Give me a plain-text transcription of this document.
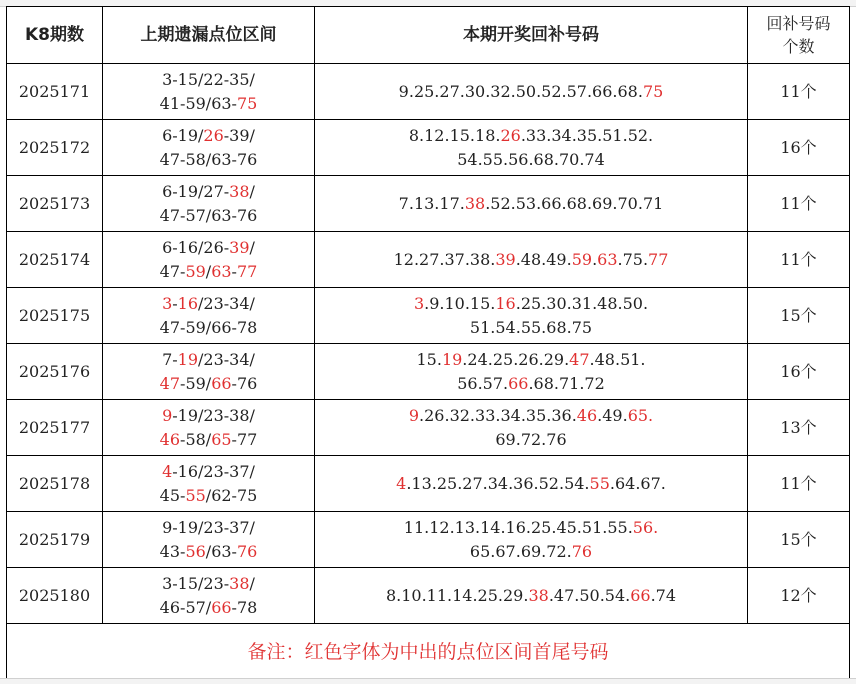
K8期数	上期遗漏点位区间	本期开奖回补号码	回补号码
个数

2025171	3-15/22-35/
41-59/63-75	9.25.27.30.32.50.52.57.66.68.75	11个
2025172	6-19/26-39/
47-58/63-76	8.12.15.18.26.33.34.35.51.52.
54.55.56.68.70.74	16个
2025173	6-19/27-38/
47-57/63-76	7.13.17.38.52.53.66.68.69.70.71	11个
2025174	6-16/26-39/
47-59/63-77	12.27.37.38.39.48.49.59.63.75.77	11个
2025175	3-16/23-34/
47-59/66-78	3.9.10.15.16.25.30.31.48.50.
51.54.55.68.75	15个
2025176	7-19/23-34/
47-59/66-76	15.19.24.25.26.29.47.48.51.
56.57.66.68.71.72	16个
2025177	9-19/23-38/
46-58/65-77	9.26.32.33.34.35.36.46.49.65.
69.72.76	13个
2025178	4-16/23-37/
45-55/62-75	4.13.25.27.34.36.52.54.55.64.67.	11个
2025179	9-19/23-37/
43-56/63-76	11.12.13.14.16.25.45.51.55.56.
65.67.69.72.76	15个
2025180	3-15/23-38/
46-57/66-78	8.10.11.14.25.29.38.47.50.54.66.74	12个
备注：红色字体为中出的点位区间首尾号码			
